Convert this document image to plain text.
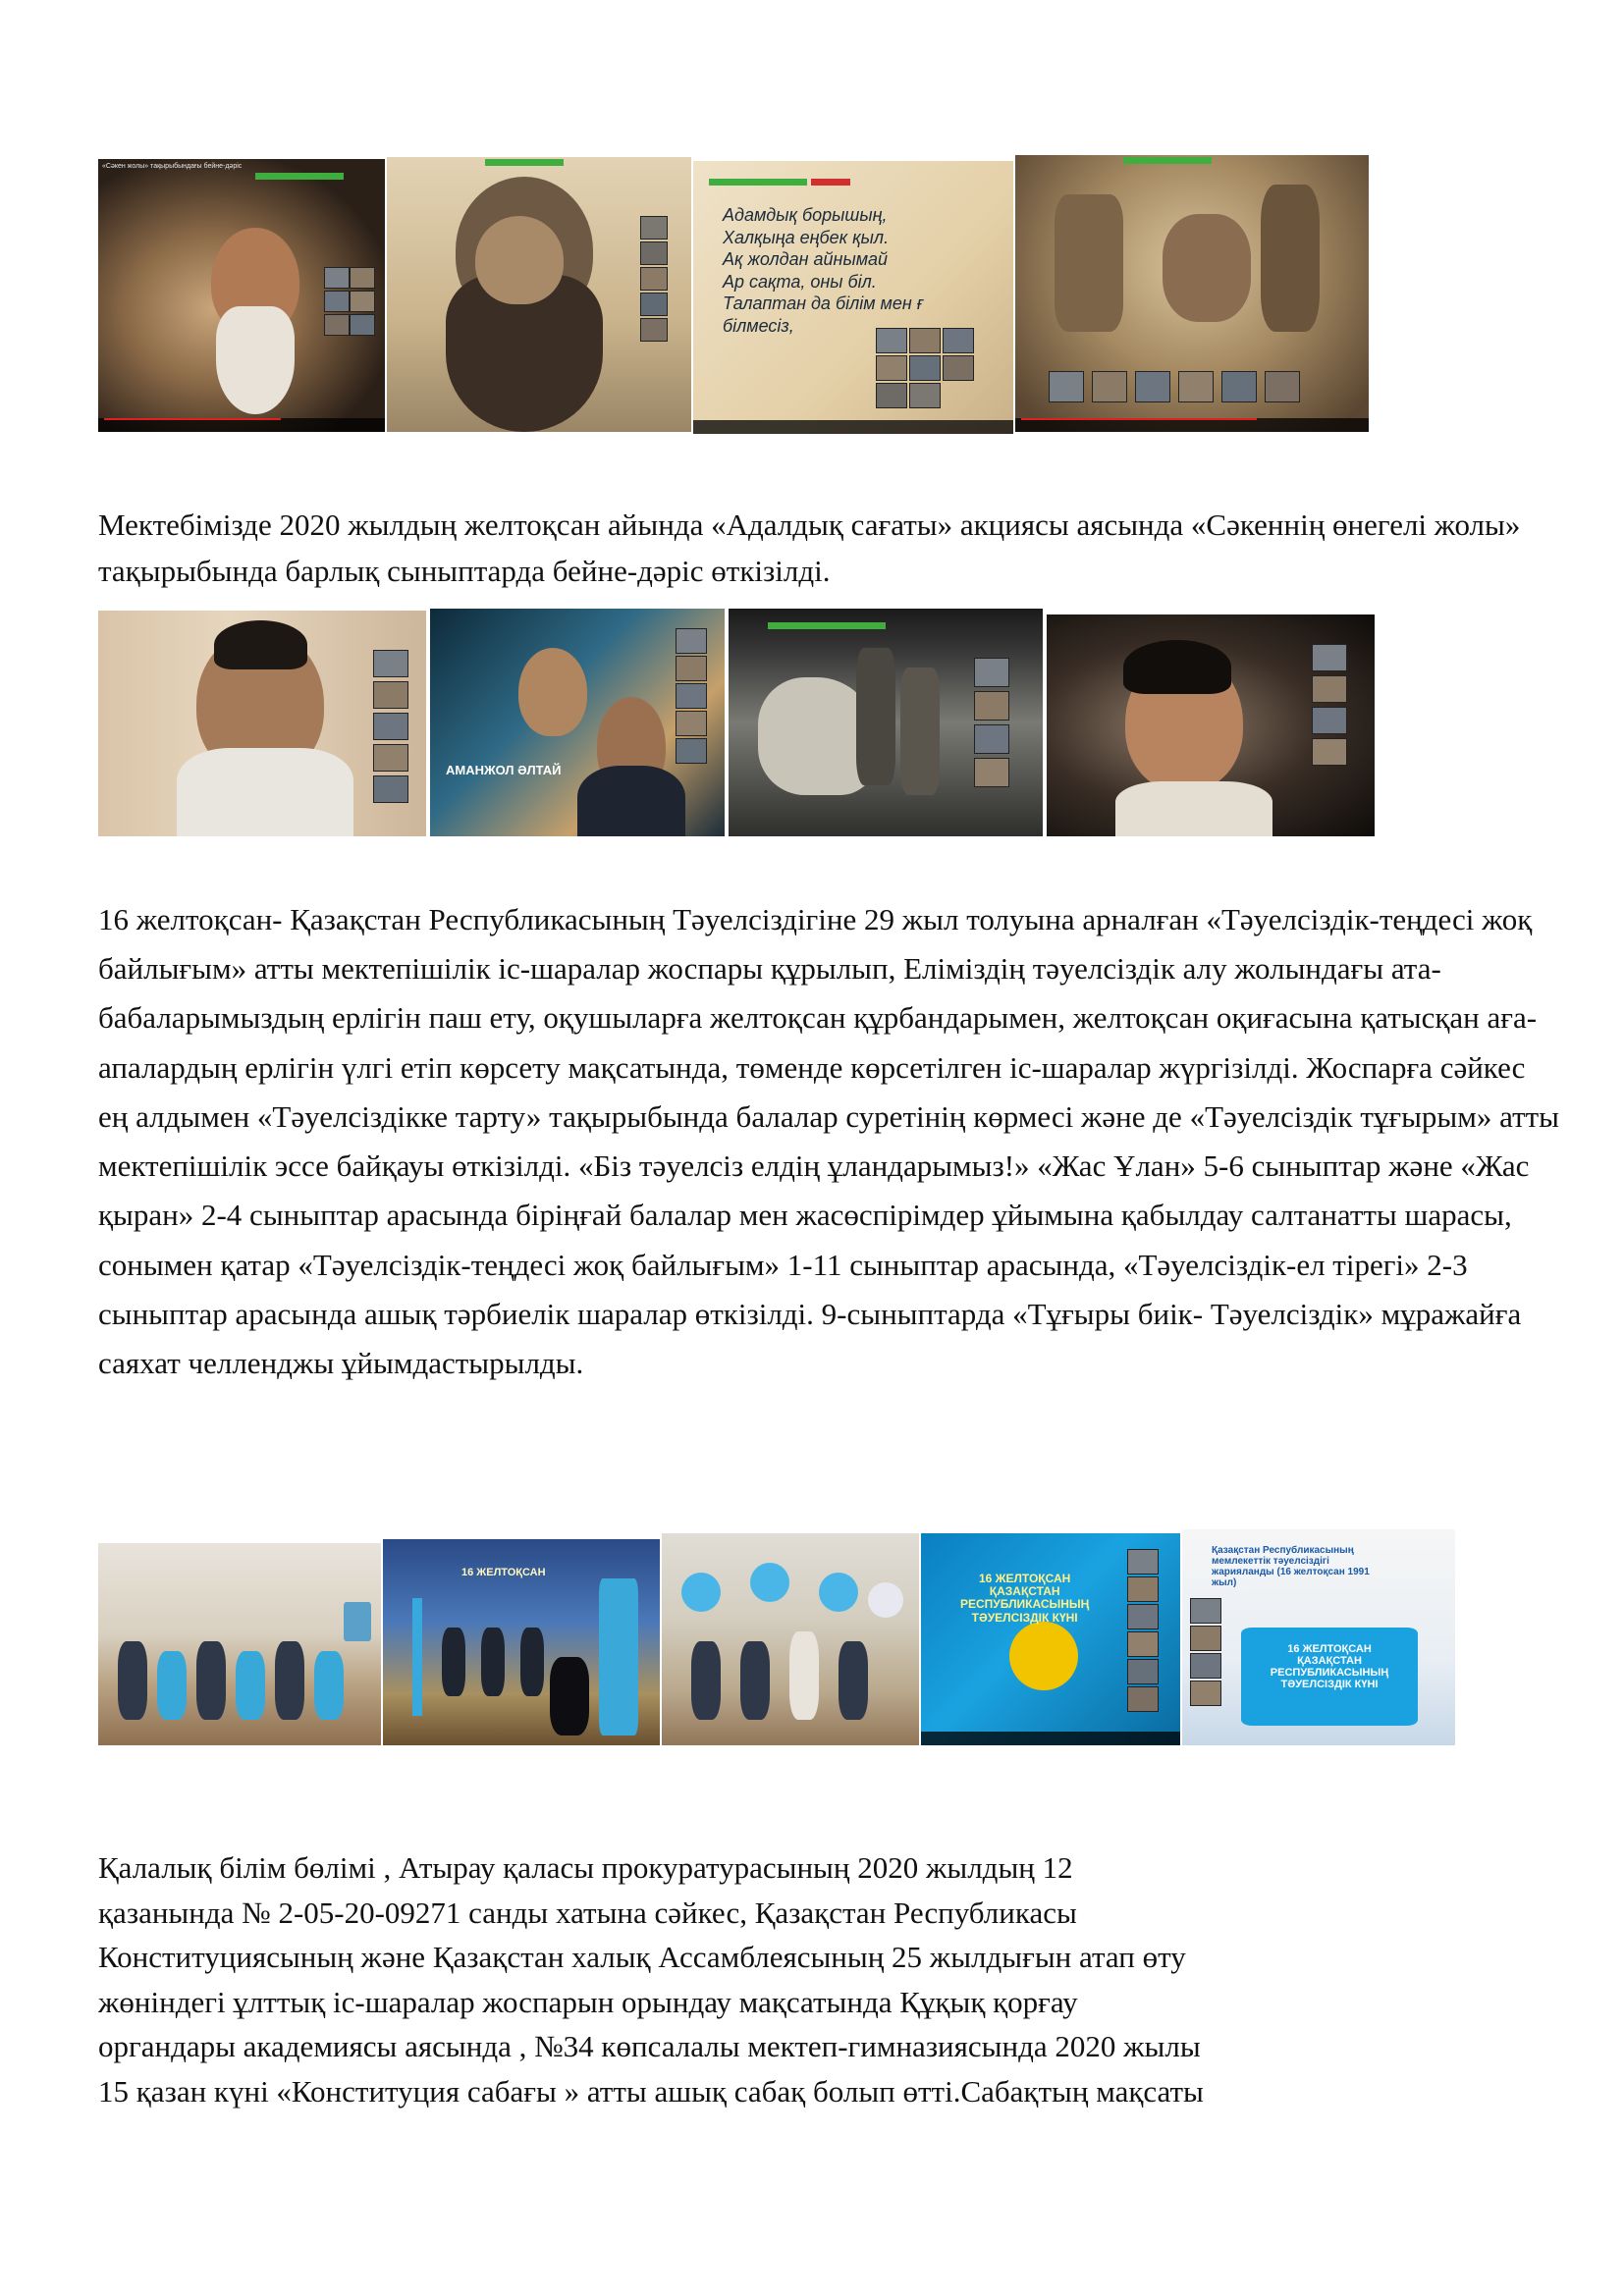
«Сәкен жолы» тақырыбындағы бейне-дәріс
Адамдық борышың,
Халқыңа еңбек қыл.
Ақ жолдан айнымай
Ар сақта, оны біл.
Талаптан да білім мен ғ
білмесіз,

Мектебімізде 2020 жылдың желтоқсан айында «Адалдық сағаты» акциясы аясында «Сәкеннің өнегелі жолы» тақырыбында барлық сыныптарда бейне-дәріс өткізілді.

АМАНЖОЛ ӘЛТАЙ

16 желтоқсан- Қазақстан Республикасының Тәуелсіздігіне 29 жыл толуына арналған «Тәуелсіздік-теңдесі жоқ байлығым» атты мектепішілік іс-шаралар жоспары құрылып, Еліміздің тәуелсіздік алу жолындағы ата-бабаларымыздың ерлігін паш ету, оқушыларға желтоқсан құрбандарымен, желтоқсан оқиғасына қатысқан аға-апалардың ерлігін үлгі етіп көрсету мақсатында, төменде көрсетілген іс-шаралар жүргізілді. Жоспарға сәйкес ең алдымен «Тәуелсіздікке тарту» тақырыбында балалар суретінің көрмесі және де «Тәуелсіздік тұғырым» атты мектепішілік эссе байқауы өткізілді. «Біз тәуелсіз елдің ұландарымыз!» «Жас Ұлан» 5-6 сыныптар және «Жас қыран» 2-4 сыныптар арасында біріңғай балалар мен жасөспірімдер ұйымына қабылдау салтанатты шарасы, сонымен қатар «Тәуелсіздік-теңдесі жоқ байлығым» 1-11 сыныптар арасында, «Тәуелсіздік-ел тірегі» 2-3 сыныптар арасында ашық тәрбиелік шаралар өткізілді. 9-сыныптарда «Тұғыры биік- Тәуелсіздік» мұражайға саяхат челленджы ұйымдастырылды.

16 ЖЕЛТОҚСАН	16 ЖЕЛТОҚСАН
ҚАЗАҚСТАН
РЕСПУБЛИКАСЫНЫҢ
ТӘУЕЛСІЗДІК КҮНІ
Қазақстан Республикасының мемлекеттік тәуелсіздігі жарияланды (16 желтоқсан 1991 жыл)
16 ЖЕЛТОҚСАН
ҚАЗАҚСТАН РЕСПУБЛИКАСЫНЫҢ
ТӘУЕЛСІЗДІК КҮНІ
Қалалық білім бөлімі , Атырау қаласы прокуратурасының 2020 жылдың 12
қазанында № 2-05-20-09271 санды хатына сәйкес, Қазақстан Республикасы
Конституциясының және Қазақстан халық Ассамблеясының 25 жылдығын атап өту
жөніндегі ұлттық іс-шаралар жоспарын орындау мақсатында Құқық қорғау
органдары академиясы аясында , №34 көпсалалы мектеп-гимназиясында 2020 жылы
15 қазан күні «Конституция сабағы » атты ашық сабақ болып өтті.Сабақтың мақсаты
